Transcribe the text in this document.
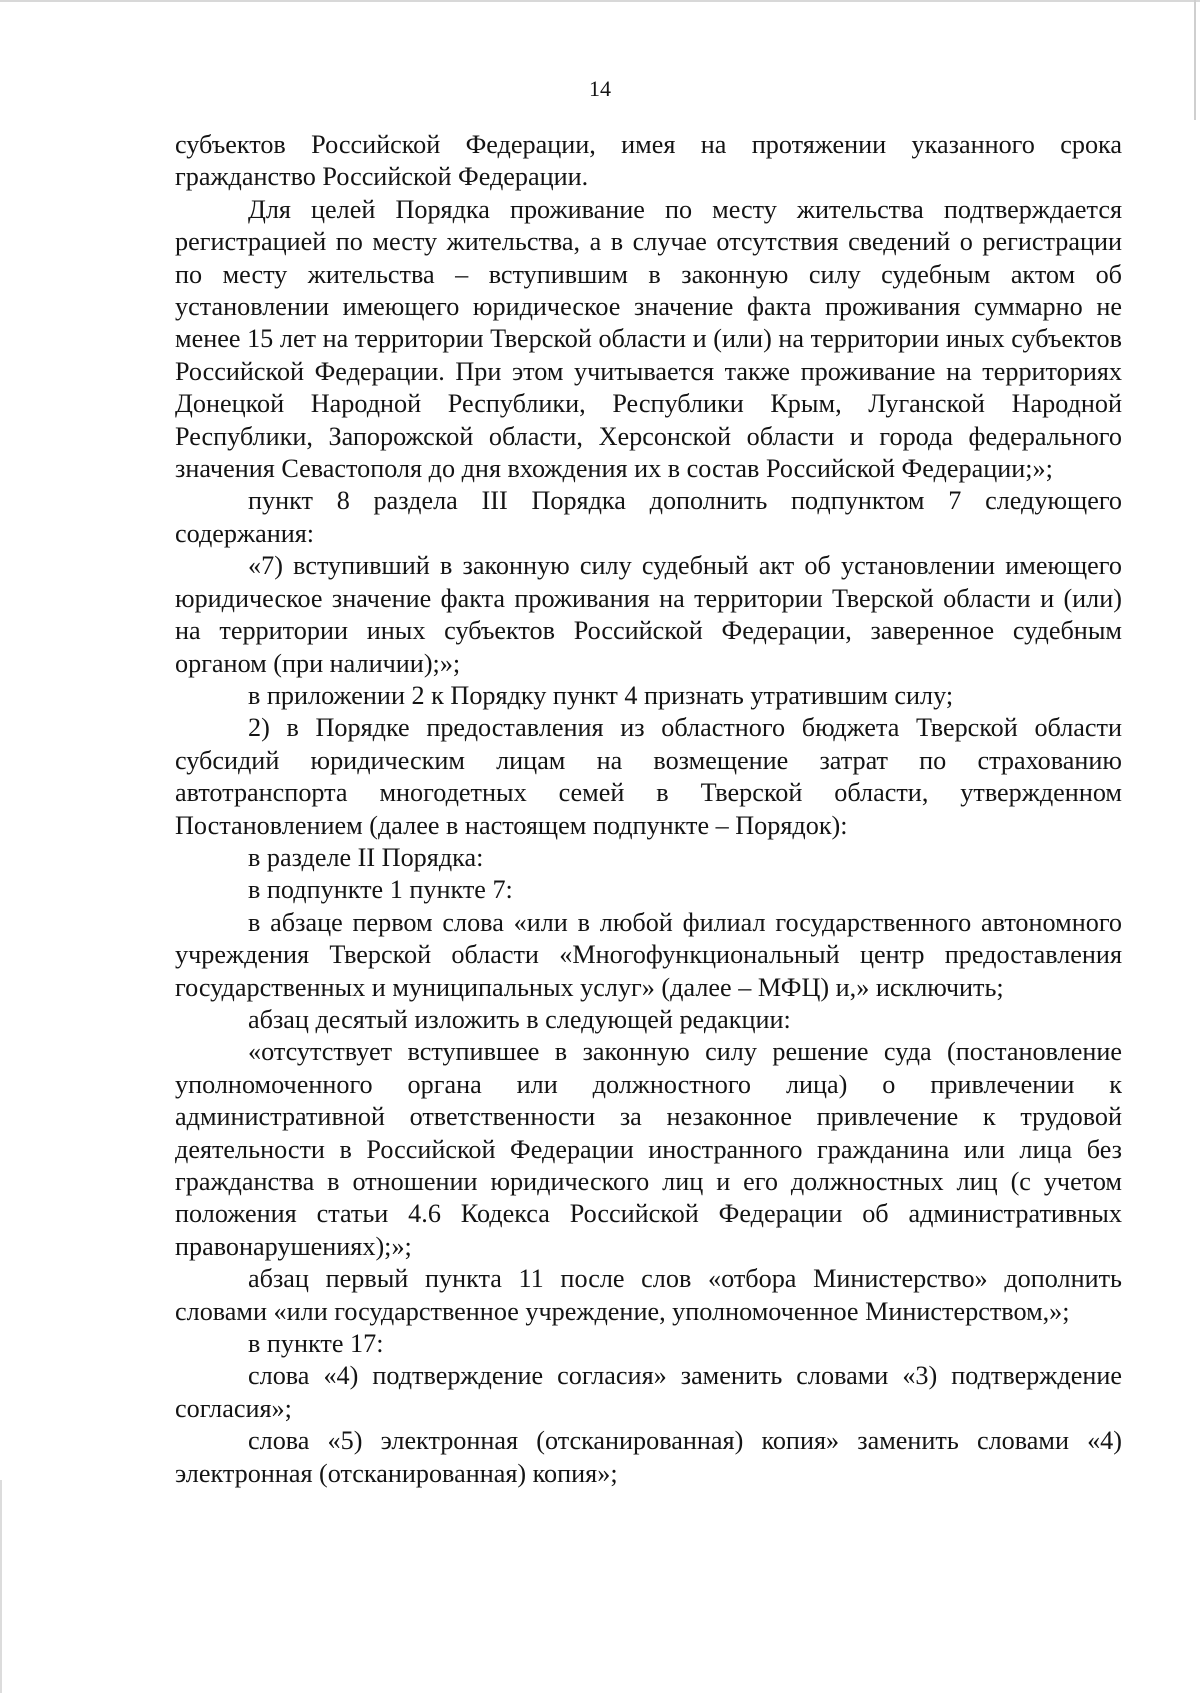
14

субъектов Российской Федерации, имея на протяжении указанного срока гражданство Российской Федерации.

Для целей Порядка проживание по месту жительства подтверждается регистрацией по месту жительства, а в случае отсутствия сведений о регистрации по месту жительства – вступившим в законную силу судебным актом об установлении имеющего юридическое значение факта проживания суммарно не менее 15 лет на территории Тверской области и (или) на территории иных субъектов Российской Федерации. При этом учитывается также проживание на территориях Донецкой Народной Республики, Республики Крым, Луганской Народной Республики, Запорожской области, Херсонской области и города федерального значения Севастополя до дня вхождения их в состав Российской Федерации;»;

пункт 8 раздела III Порядка дополнить подпунктом 7 следующего содержания:

«7) вступивший в законную силу судебный акт об установлении имеющего юридическое значение факта проживания на территории Тверской области и (или) на территории иных субъектов Российской Федерации, заверенное судебным органом (при наличии);»;

в приложении 2 к Порядку пункт 4 признать утратившим силу;

2) в Порядке предоставления из областного бюджета Тверской области субсидий юридическим лицам на возмещение затрат по страхованию автотранспорта многодетных семей в Тверской области, утвержденном Постановлением (далее в настоящем подпункте – Порядок):

в разделе II Порядка:

в подпункте 1 пункте 7:

в абзаце первом слова «или в любой филиал государственного автономного учреждения Тверской области «Многофункциональный центр предоставления государственных и муниципальных услуг» (далее – МФЦ) и,» исключить;

абзац десятый изложить в следующей редакции:

«отсутствует вступившее в законную силу решение суда (постановление уполномоченного органа или должностного лица) о привлечении к административной ответственности за незаконное привлечение к трудовой деятельности в Российской Федерации иностранного гражданина или лица без гражданства в отношении юридического лиц и его должностных лиц (с учетом положения статьи 4.6 Кодекса Российской Федерации об административных правонарушениях);»;

абзац первый пункта 11 после слов «отбора Министерство» дополнить словами «или государственное учреждение, уполномоченное Министерством,»;

в пункте 17:

слова «4) подтверждение согласия» заменить словами «3) подтверждение согласия»;

слова «5) электронная (отсканированная) копия» заменить словами «4) электронная (отсканированная) копия»;
